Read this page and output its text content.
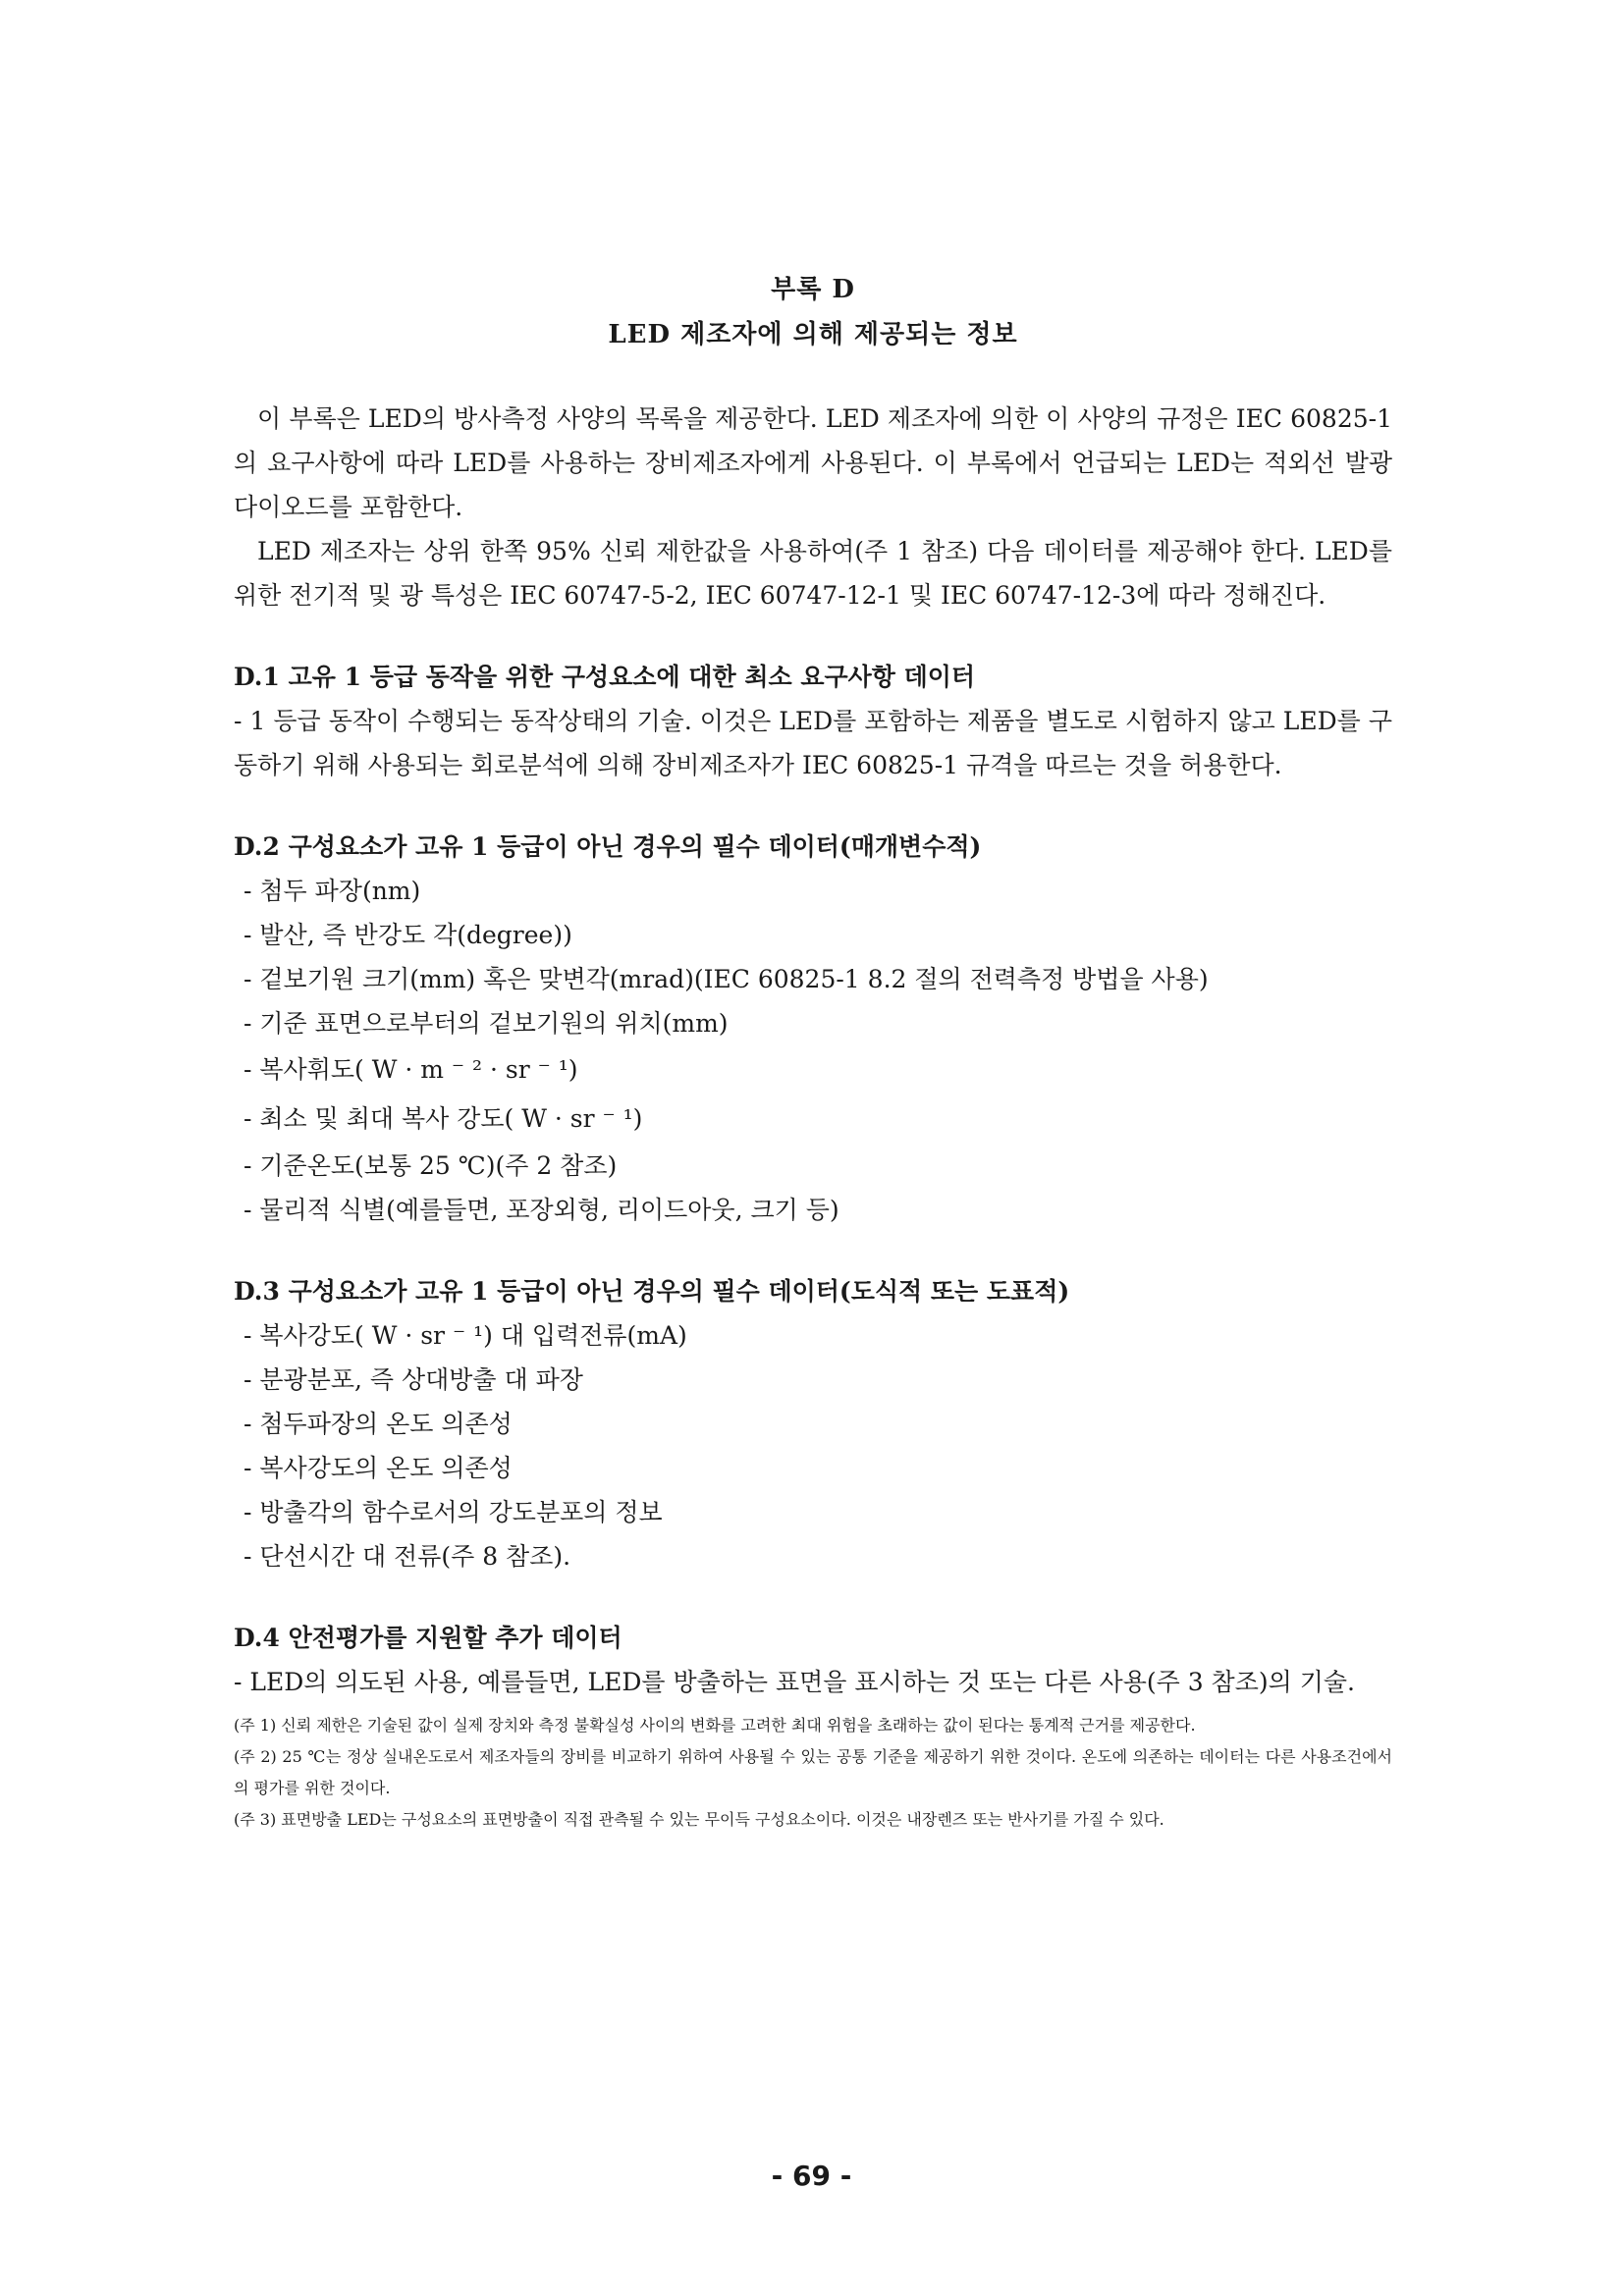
부록 D
LED 제조자에 의해 제공되는 정보

이 부록은 LED의 방사측정 사양의 목록을 제공한다. LED 제조자에 의한 이 사양의 규정은 IEC 60825-1의 요구사항에 따라 LED를 사용하는 장비제조자에게 사용된다. 이 부록에서 언급되는 LED는 적외선 발광 다이오드를 포함한다.

LED 제조자는 상위 한쪽 95% 신뢰 제한값을 사용하여(주 1 참조) 다음 데이터를 제공해야 한다. LED를 위한 전기적 및 광 특성은 IEC 60747-5-2, IEC 60747-12-1 및 IEC 60747-12-3에 따라 정해진다.

D.1 고유 1 등급 동작을 위한 구성요소에 대한 최소 요구사항 데이터

- 1 등급 동작이 수행되는 동작상태의 기술. 이것은 LED를 포함하는 제품을 별도로 시험하지 않고 LED를 구동하기 위해 사용되는 회로분석에 의해 장비제조자가 IEC 60825-1 규격을 따르는 것을 허용한다.

D.2 구성요소가 고유 1 등급이 아닌 경우의 필수 데이터(매개변수적)

- 첨두 파장(nm)
- 발산, 즉 반강도 각(degree))
- 겉보기원 크기(mm) 혹은 맞변각(mrad)(IEC 60825-1 8.2 절의 전력측정 방법을 사용)
- 기준 표면으로부터의 겉보기원의 위치(mm)
- 복사휘도( W · m ⁻ ² · sr ⁻ ¹)
- 최소 및 최대 복사 강도( W · sr ⁻ ¹)
- 기준온도(보통 25 ℃)(주 2 참조)
- 물리적 식별(예를들면, 포장외형, 리이드아웃, 크기 등)

D.3 구성요소가 고유 1 등급이 아닌 경우의 필수 데이터(도식적 또는 도표적)

- 복사강도( W · sr ⁻ ¹) 대 입력전류(mA)
- 분광분포, 즉 상대방출 대 파장
- 첨두파장의 온도 의존성
- 복사강도의 온도 의존성
- 방출각의 함수로서의 강도분포의 정보
- 단선시간 대 전류(주 8 참조).

D.4 안전평가를 지원할 추가 데이터

- LED의 의도된 사용, 예를들면, LED를 방출하는 표면을 표시하는 것 또는 다른 사용(주 3 참조)의 기술.

(주 1) 신뢰 제한은 기술된 값이 실제 장치와 측정 불확실성 사이의 변화를 고려한 최대 위험을 초래하는 값이 된다는 통계적 근거를 제공한다.

(주 2) 25 ℃는 정상 실내온도로서 제조자들의 장비를 비교하기 위하여 사용될 수 있는 공통 기준을 제공하기 위한 것이다. 온도에 의존하는 데이터는 다른 사용조건에서의 평가를 위한 것이다.

(주 3) 표면방출 LED는 구성요소의 표면방출이 직접 관측될 수 있는 무이득 구성요소이다. 이것은 내장렌즈 또는 반사기를 가질 수 있다.

- 69 -
